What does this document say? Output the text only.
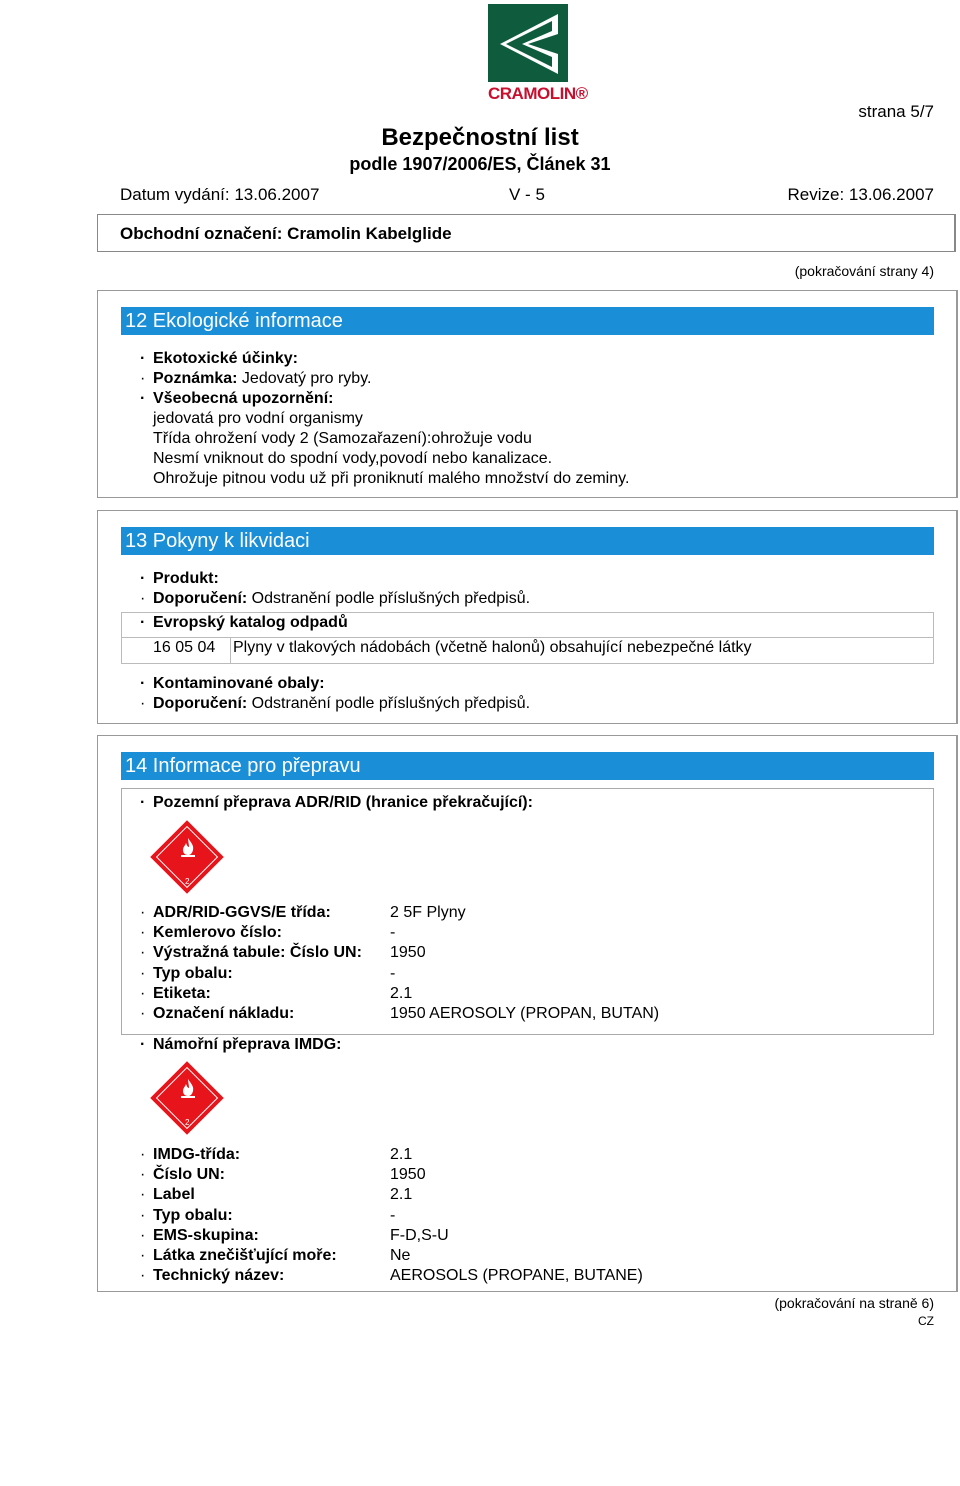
CRAMOLIN®
strana 5/7
Bezpečnostní list
podle 1907/2006/ES, Článek 31
Datum vydání: 13.06.2007	V - 5	Revize: 13.06.2007
Obchodní označení: Cramolin Kabelglide
(pokračování strany 4)
12 Ekologické informace
· Ekotoxické účinky:
· Poznámka: Jedovatý pro ryby.
· Všeobecná upozornění:
jedovatá pro vodní organismy
Třída ohrožení vody 2 (Samozařazení):ohrožuje vodu
Nesmí vniknout do spodní vody,povodí nebo kanalizace.
Ohrožuje pitnou vodu už při proniknutí malého množství do zeminy.
13 Pokyny k likvidaci
· Produkt:
· Doporučení: Odstranění podle příslušných předpisů.
· Evropský katalog odpadů
16 05 04 Plyny v tlakových nádobách (včetně halonů) obsahující nebezpečné látky
· Kontaminované obaly:
· Doporučení: Odstranění podle příslušných předpisů.
14 Informace pro přepravu
· Pozemní přeprava ADR/RID (hranice překračující):
2
· ADR/RID-GGVS/E třída:	2 5F Plyny
· Kemlerovo číslo:	-
· Výstražná tabule: Číslo UN: 1950
· Typ obalu:	-
· Etiketa:	2.1
· Označení nákladu:	1950 AEROSOLY (PROPAN, BUTAN)
· Námořní přeprava IMDG:
2
· IMDG-třída:	2.1
· Číslo UN:	1950
· Label	2.1
· Typ obalu:	-
· EMS-skupina:	F-D,S-U
· Látka znečišťující moře:	Ne
· Technický název:	AEROSOLS (PROPANE, BUTANE)
(pokračování na straně 6)
CZ
